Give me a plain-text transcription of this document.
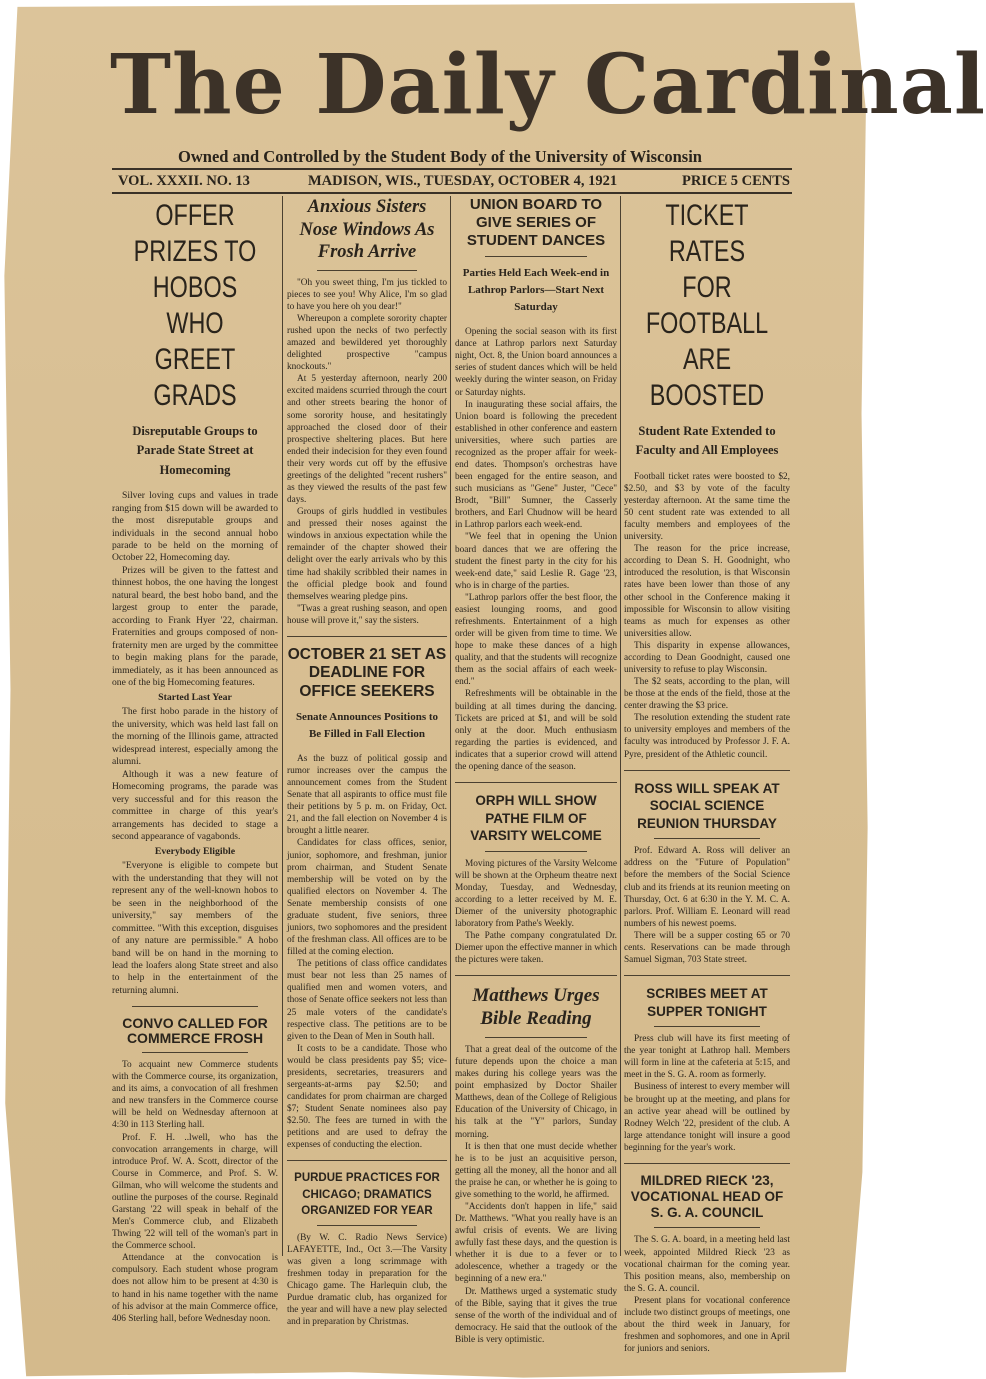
The Daily Cardinal
Owned and Controlled by the Student Body of the University of Wisconsin
VOL. XXXII. NO. 13	MADISON, WIS., TUESDAY, OCTOBER 4, 1921	PRICE 5 CENTS
OFFER PRIZES TO HOBOS WHO GREET GRADS
Disreputable Groups to Parade State Street at Homecoming

Silver loving cups and values in trade ranging from $15 down will be awarded to the most disreputable groups and individuals in the second annual hobo parade to be held on the morning of October 22, Homecoming day.

Prizes will be given to the fattest and thinnest hobos, the one having the longest natural beard, the best hobo band, and the largest group to enter the parade, according to Frank Hyer '22, chairman. Fraternities and groups composed of non-fraternity men are urged by the committee to begin making plans for the parade, immediately, as it has been announced as one of the big Homecoming features.

Started Last Year

The first hobo parade in the history of the university, which was held last fall on the morning of the Illinois game, attracted widespread interest, especially among the alumni.

Although it was a new feature of Homecoming programs, the parade was very successful and for this reason the committee in charge of this year's arrangements has decided to stage a second appearance of vagabonds.

Everybody Eligible

"Everyone is eligible to compete but with the understanding that they will not represent any of the well-known hobos to be seen in the neighborhood of the university," say members of the committee. "With this exception, disguises of any nature are permissible." A hobo band will be on hand in the morning to lead the loafers along State street and also to help in the entertainment of the returning alumni.

CONVO CALLED FOR COMMERCE FROSH

To acquaint new Commerce students with the Commerce course, its organization, and its aims, a convocation of all freshmen and new transfers in the Commerce course will be held on Wednesday afternoon at 4:30 in 113 Sterling hall.

Prof. F. H. ..lwell, who has the convocation arrangements in charge, will introduce Prof. W. A. Scott, director of the Course in Commerce, and Prof. S. W. Gilman, who will welcome the students and outline the purposes of the course. Reginald Garstang '22 will speak in behalf of the Men's Commerce club, and Elizabeth Thwing '22 will tell of the woman's part in the Commerce school.

Attendance at the convocation is compulsory. Each student whose program does not allow him to be present at 4:30 is to hand in his name together with the name of his advisor at the main Commerce office, 406 Sterling hall, before Wednesday noon.

Anxious Sisters Nose Windows As Frosh Arrive

"Oh you sweet thing, I'm jus tickled to pieces to see you! Why Alice, I'm so glad to have you here oh you dear!"

Whereupon a complete sorority chapter rushed upon the necks of two perfectly amazed and bewildered yet thoroughly delighted prospective "campus knockouts."

At 5 yesterday afternoon, nearly 200 excited maidens scurried through the court and other streets bearing the honor of some sorority house, and hesitatingly approached the closed door of their prospective sheltering places. But here ended their indecision for they even found their very words cut off by the effusive greetings of the delighted "recent rushers" as they viewed the results of the past few days.

Groups of girls huddled in vestibules and pressed their noses against the windows in anxious expectation while the remainder of the chapter showed their delight over the early arrivals who by this time had shakily scribbled their names in the official pledge book and found themselves wearing pledge pins.

"Twas a great rushing season, and open house will prove it," say the sisters.

OCTOBER 21 SET AS DEADLINE FOR OFFICE SEEKERS
Senate Announces Positions to Be Filled in Fall Election

As the buzz of political gossip and rumor increases over the campus the announcement comes from the Student Senate that all aspirants to office must file their petitions by 5 p. m. on Friday, Oct. 21, and the fall election on November 4 is brought a little nearer.

Candidates for class offices, senior, junior, sophomore, and freshman, junior prom chairman, and Student Senate membership will be voted on by the qualified electors on November 4. The Senate membership consists of one graduate student, five seniors, three juniors, two sophomores and the president of the freshman class. All offices are to be filled at the coming election.

The petitions of class office candidates must bear not less than 25 names of qualified men and women voters, and those of Senate office seekers not less than 25 male voters of the candidate's respective class. The petitions are to be given to the Dean of Men in South hall.

It costs to be a candidate. Those who would be class presidents pay $5; vice-presidents, secretaries, treasurers and sergeants-at-arms pay $2.50; and candidates for prom chairman are charged $7; Student Senate nominees also pay $2.50. The fees are turned in with the petitions and are used to defray the expenses of conducting the election.

PURDUE PRACTICES FOR CHICAGO; DRAMATICS ORGANIZED FOR YEAR

(By W. C. Radio News Service) LAFAYETTE, Ind., Oct 3.—The Varsity was given a long scrimmage with freshmen today in preparation for the Chicago game. The Harlequin club, the Purdue dramatic club, has organized for the year and will have a new play selected and in preparation by Christmas.

UNION BOARD TO GIVE SERIES OF STUDENT DANCES
Parties Held Each Week-end in Lathrop Parlors—Start Next Saturday

Opening the social season with its first dance at Lathrop parlors next Saturday night, Oct. 8, the Union board announces a series of student dances which will be held weekly during the winter season, on Friday or Saturday nights.

In inaugurating these social affairs, the Union board is following the precedent established in other conference and eastern universities, where such parties are recognized as the proper affair for week-end dates. Thompson's orchestras have been engaged for the entire season, and such musicians as "Gene" Juster, "Cece" Brodt, "Bill" Sumner, the Casserly brothers, and Earl Chudnow will be heard in Lathrop parlors each week-end.

"We feel that in opening the Union board dances that we are offering the student the finest party in the city for his week-end date," said Leslie R. Gage '23, who is in charge of the parties.

"Lathrop parlors offer the best floor, the easiest lounging rooms, and good refreshments. Entertainment of a high order will be given from time to time. We hope to make these dances of a high quality, and that the students will recognize them as the social affairs of each week-end."

Refreshments will be obtainable in the building at all times during the dancing. Tickets are priced at $1, and will be sold only at the door. Much enthusiasm regarding the parties is evidenced, and indicates that a superior crowd will attend the opening dance of the season.

ORPH WILL SHOW PATHE FILM OF VARSITY WELCOME

Moving pictures of the Varsity Welcome will be shown at the Orpheum theatre next Monday, Tuesday, and Wednesday, according to a letter received by M. E. Diemer of the university photographic laboratory from Pathe's Weekly.

The Pathe company congratulated Dr. Diemer upon the effective manner in which the pictures were taken.

Matthews Urges Bible Reading

That a great deal of the outcome of the future depends upon the choice a man makes during his college years was the point emphasized by Doctor Shailer Matthews, dean of the College of Religious Education of the University of Chicago, in his talk at the "Y" parlors, Sunday morning.

It is then that one must decide whether he is to be just an acquisitive person, getting all the money, all the honor and all the praise he can, or whether he is going to give something to the world, he affirmed.

"Accidents don't happen in life," said Dr. Matthews. "What you really have is an awful crisis of events. We are living awfully fast these days, and the question is whether it is due to a fever or to adolescence, whether a tragedy or the beginning of a new era."

Dr. Matthews urged a systematic study of the Bible, saying that it gives the true sense of the worth of the individual and of democracy. He said that the outlook of the Bible is very optimistic.

TICKET RATES FOR FOOTBALL ARE BOOSTED
Student Rate Extended to Faculty and All Employees

Football ticket rates were boosted to $2, $2.50, and $3 by vote of the faculty yesterday afternoon. At the same time the 50 cent student rate was extended to all faculty members and employees of the university.

The reason for the price increase, according to Dean S. H. Goodnight, who introduced the resolution, is that Wisconsin rates have been lower than those of any other school in the Conference making it impossible for Wisconsin to allow visiting teams as much for expenses as other universities allow.

This disparity in expense allowances, according to Dean Goodnight, caused one university to refuse to play Wisconsin.

The $2 seats, according to the plan, will be those at the ends of the field, those at the center drawing the $3 price.

The resolution extending the student rate to university employes and members of the faculty was introduced by Professor J. F. A. Pyre, president of the Athletic council.

ROSS WILL SPEAK AT SOCIAL SCIENCE REUNION THURSDAY

Prof. Edward A. Ross will deliver an address on the "Future of Population" before the members of the Social Science club and its friends at its reunion meeting on Thursday, Oct. 6 at 6:30 in the Y. M. C. A. parlors. Prof. William E. Leonard will read numbers of his newest poems.

There will be a supper costing 65 or 70 cents. Reservations can be made through Samuel Sigman, 703 State street.

SCRIBES MEET AT SUPPER TONIGHT

Press club will have its first meeting of the year tonight at Lathrop hall. Members will form in line at the cafeteria at 5:15, and meet in the S. G. A. room as formerly.

Business of interest to every member will be brought up at the meeting, and plans for an active year ahead will be outlined by Rodney Welch '22, president of the club. A large attendance tonight will insure a good beginning for the year's work.

MILDRED RIECK '23, VOCATIONAL HEAD OF S. G. A. COUNCIL

The S. G. A. board, in a meeting held last week, appointed Mildred Rieck '23 as vocational chairman for the coming year. This position means, also, membership on the S. G. A. council.

Present plans for vocational conference include two distinct groups of meetings, one about the third week in January, for freshmen and sophomores, and one in April for juniors and seniors.
